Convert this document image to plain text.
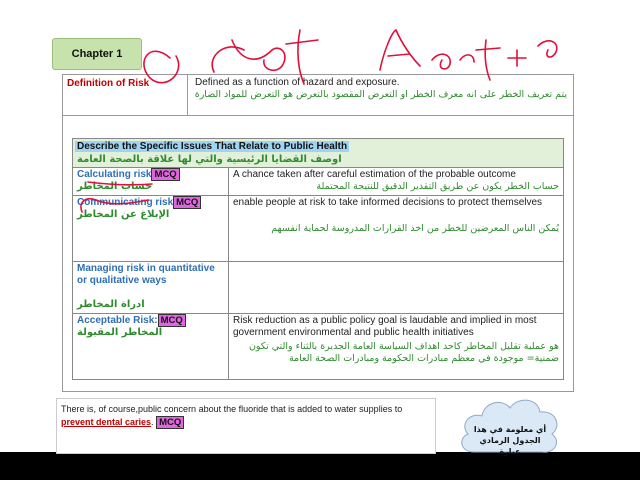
Chapter 1
Definition of Risk	Defined as a function of hazard and exposure.
يتم تعريف الخطر على انه معرف الخطر او التعرض المقصود بالتعرض هو التعرض للمواد الضارة
Describe the Specific Issues That Relate to Public Health
اوصف القضايا الرئيسية والتي لها علاقة بالصحة العامة
Calculating risk MCQ
حساب المخاطر
A chance taken after careful estimation of the probable outcome
حساب الخطر يكون عن طريق التقدير الدقيق للنتيجة المحتملة
Communicating risk MCQ
الإبلاغ عن المخاطر
enable people at risk to take informed decisions to protect themselves
يُمكن الناس المعرضين للخطر من اخذ القرارات المدروسة لحماية انفسهم
Managing risk in quantitative or qualitative ways
ادراة المخاطر
Acceptable Risk: MCQ
المخاطر المقبولة
Risk reduction as a public policy goal is laudable and implied in most government environmental and public health initiatives
هو عملية تقليل المخاطر كاحد اهداف السياسة العامة الجديرة بالثناء والتي تكون ضمنية= موجودة في معظم مبادرات الحكومة ومبادرات الصحة العامة
There is, of course,public concern about the fluoride that is added to water supplies to prevent dental caries. MCQ
أي معلومة في هذا الجدول الرمادي عبارة
